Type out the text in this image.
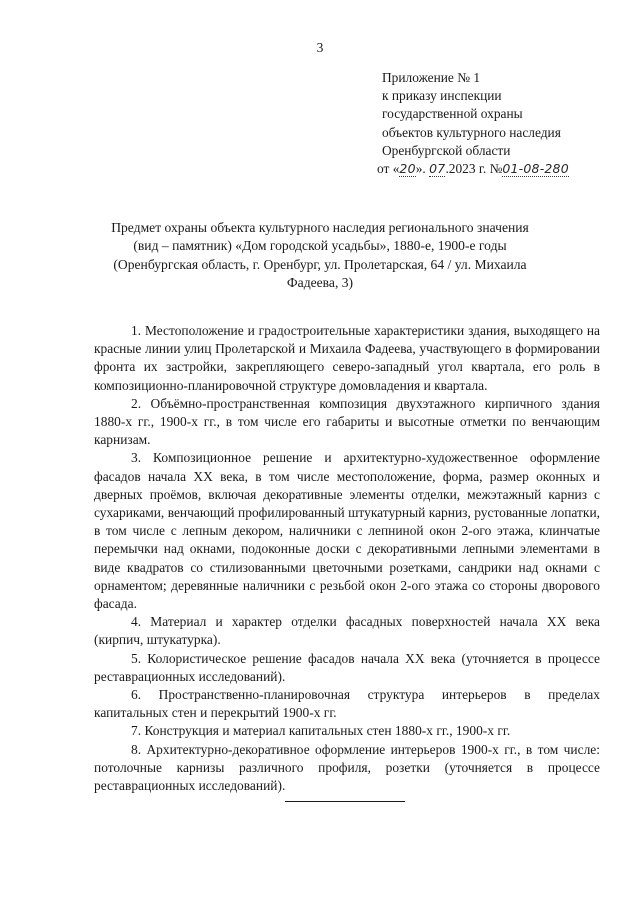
3
Приложение № 1
к приказу инспекции
государственной охраны
объектов культурного наследия
Оренбургской области
от «20». 07.2023 г. №01-08-280
Предмет охраны объекта культурного наследия регионального значения
(вид – памятник) «Дом городской усадьбы», 1880-е, 1900-е годы
(Оренбургская область, г. Оренбург, ул. Пролетарская, 64 / ул. Михаила
Фадеева, 3)

1. Местоположение и градостроительные характеристики здания, выходящего на красные линии улиц Пролетарской и Михаила Фадеева, участвующего в формировании фронта их застройки, закрепляющего северо-западный угол квартала, его роль в композиционно-планировочной структуре домовладения и квартала.

2. Объёмно-пространственная композиция двухэтажного кирпичного здания 1880-х гг., 1900-х гг., в том числе его габариты и высотные отметки по венчающим карнизам.

3. Композиционное решение и архитектурно-художественное оформление фасадов начала XX века, в том числе местоположение, форма, размер оконных и дверных проёмов, включая декоративные элементы отделки, межэтажный карниз с сухариками, венчающий профилированный штукатурный карниз, рустованные лопатки, в том числе с лепным декором, наличники с лепниной окон 2-ого этажа, клинчатые перемычки над окнами, подоконные доски с декоративными лепными элементами в виде квадратов со стилизованными цветочными розетками, сандрики над окнами с орнаментом; деревянные наличники с резьбой окон 2-ого этажа со стороны дворового фасада.

4. Материал и характер отделки фасадных поверхностей начала XX века (кирпич, штукатурка).

5. Колористическое решение фасадов начала XX века (уточняется в процессе реставрационных исследований).

6. Пространственно-планировочная структура интерьеров в пределах капитальных стен и перекрытий 1900-х гг.

7. Конструкция и материал капитальных стен 1880-х гг., 1900-х гг.

8. Архитектурно-декоративное оформление интерьеров 1900-х гг., в том числе: потолочные карнизы различного профиля, розетки (уточняется в процессе реставрационных исследований).
